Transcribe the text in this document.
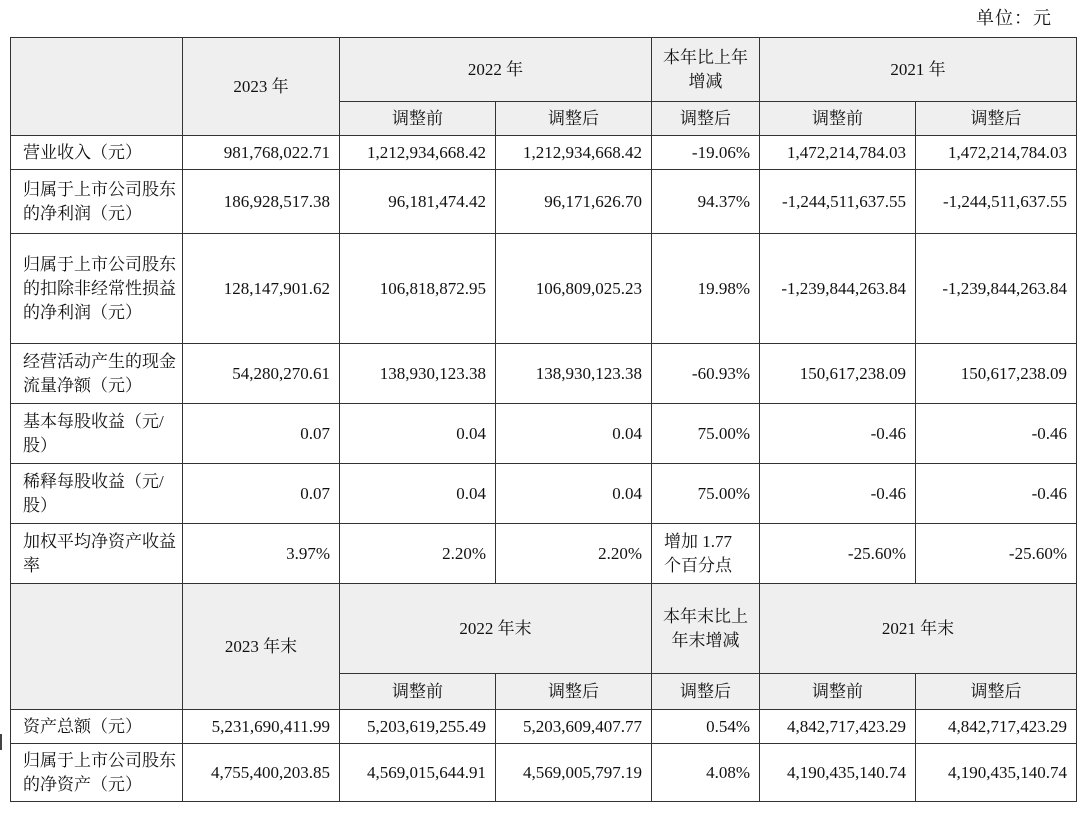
单位：元
	2023 年	2022 年		本年比上年增减	2021 年	
		调整前	调整后	调整后	调整前	调整后
营业收入（元）	981,768,022.71	1,212,934,668.42	1,212,934,668.42	-19.06%	1,472,214,784.03	1,472,214,784.03
归属于上市公司股东的净利润（元）	186,928,517.38	96,181,474.42	96,171,626.70	94.37%	-1,244,511,637.55	-1,244,511,637.55
归属于上市公司股东的扣除非经常性损益的净利润（元）	128,147,901.62	106,818,872.95	106,809,025.23	19.98%	-1,239,844,263.84	-1,239,844,263.84
经营活动产生的现金流量净额（元）	54,280,270.61	138,930,123.38	138,930,123.38	-60.93%	150,617,238.09	150,617,238.09
基本每股收益（元/股）	0.07	0.04	0.04	75.00%	-0.46	-0.46
稀释每股收益（元/股）	0.07	0.04	0.04	75.00%	-0.46	-0.46
加权平均净资产收益率	3.97%	2.20%	2.20%	增加 1.77 个百分点	-25.60%	-25.60%
	2023 年末	2022 年末		本年末比上年末增减	2021 年末	
		调整前	调整后	调整后	调整前	调整后
资产总额（元）	5,231,690,411.99	5,203,619,255.49	5,203,609,407.77	0.54%	4,842,717,423.29	4,842,717,423.29
归属于上市公司股东的净资产（元）	4,755,400,203.85	4,569,015,644.91	4,569,005,797.19	4.08%	4,190,435,140.74	4,190,435,140.74
